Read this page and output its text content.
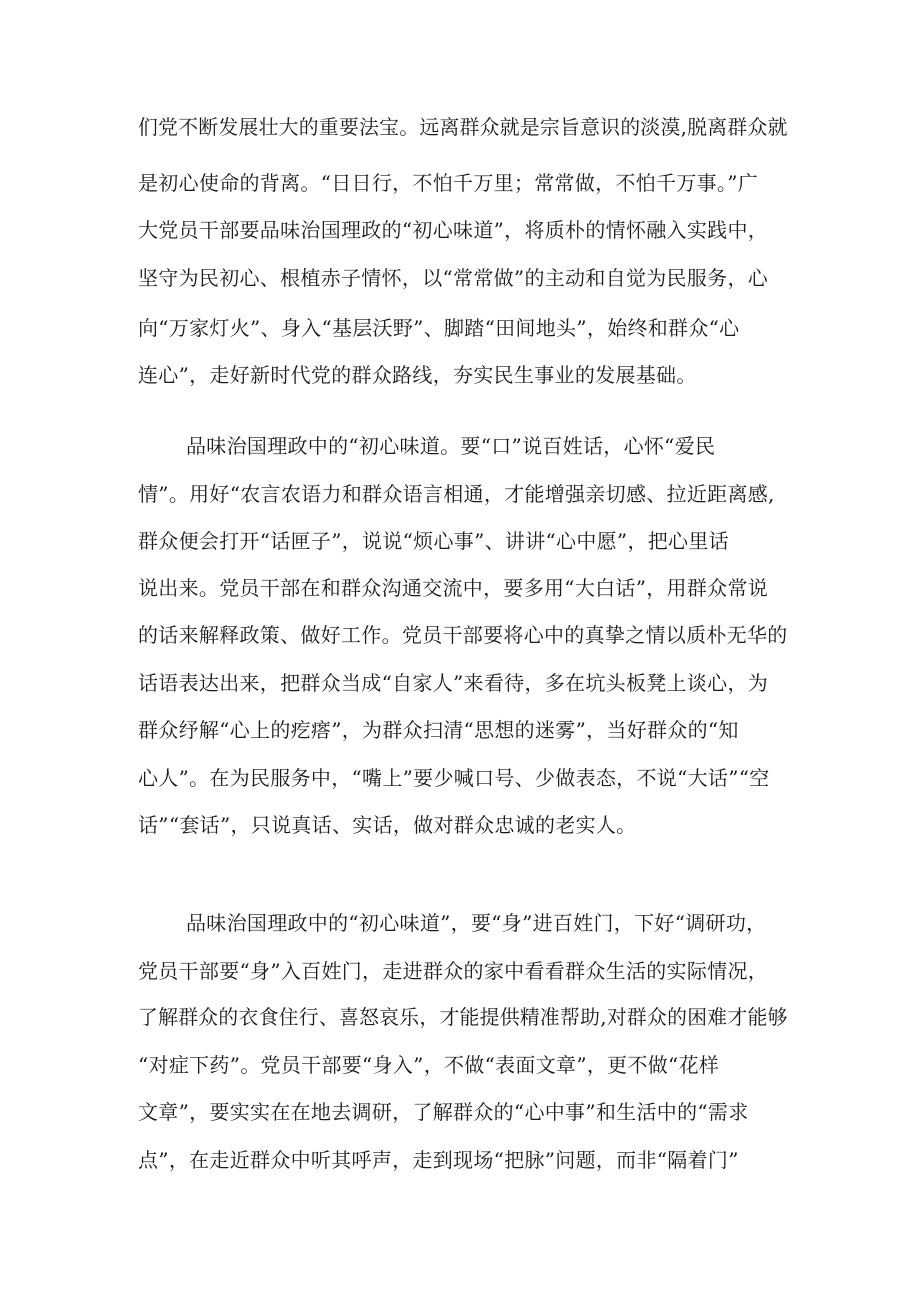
们党不断发展壮大的重要法宝。远离群众就是宗旨意识的淡漠,脱离群众就
是初心使命的背离。“日日行，不怕千万里；常常做，不怕千万事。”广
大党员干部要品味治国理政的“初心味道”，将质朴的情怀融入实践中，
坚守为民初心、根植赤子情怀，以“常常做”的主动和自觉为民服务，心
向“万家灯火”、身入“基层沃野”、脚踏“田间地头”，始终和群众“心
连心”，走好新时代党的群众路线，夯实民生事业的发展基础。
品味治国理政中的“初心味道。要“口”说百姓话，心怀“爱民
情”。用好“农言农语力和群众语言相通，才能增强亲切感、拉近距离感,
群众便会打开“话匣子”，说说“烦心事”、讲讲“心中愿”，把心里话
说出来。党员干部在和群众沟通交流中，要多用“大白话”，用群众常说
的话来解释政策、做好工作。党员干部要将心中的真挚之情以质朴无华的
话语表达出来，把群众当成“自家人”来看待，多在坑头板凳上谈心，为
群众纾解“心上的疙瘩”，为群众扫清“思想的迷雾”，当好群众的“知
心人”。在为民服务中，“嘴上”要少喊口号、少做表态，不说“大话”“空
话”“套话”，只说真话、实话，做对群众忠诚的老实人。
品味治国理政中的“初心味道”，要“身”进百姓门，下好“调研功，
党员干部要“身”入百姓门，走进群众的家中看看群众生活的实际情况，
了解群众的衣食住行、喜怒哀乐，才能提供精准帮助,对群众的困难才能够
“对症下药”。党员干部要“身入”，不做“表面文章”，更不做“花样
文章”，要实实在在地去调研，了解群众的“心中事”和生活中的“需求
点”，在走近群众中听其呼声，走到现场“把脉”问题，而非“隔着门”
